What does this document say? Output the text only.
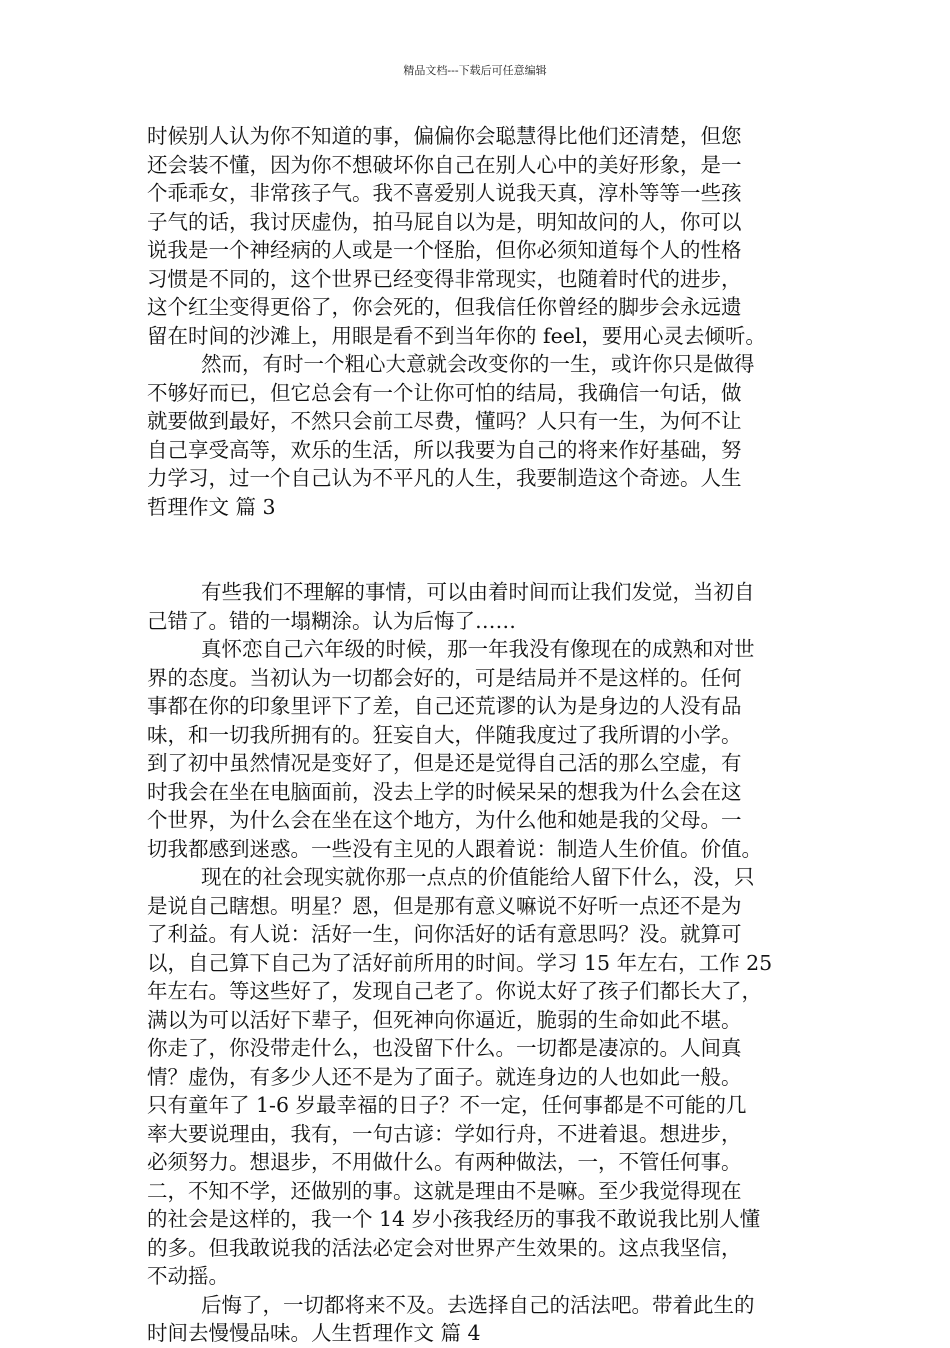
精品文档---下载后可任意编辑
时候别人认为你不知道的事，偏偏你会聪慧得比他们还清楚，但您
还会装不懂，因为你不想破坏你自己在别人心中的美好形象，是一
个乖乖女，非常孩子气。我不喜爱别人说我天真，淳朴等等一些孩
子气的话，我讨厌虚伪，拍马屁自以为是，明知故问的人，你可以
说我是一个神经病的人或是一个怪胎，但你必须知道每个人的性格
习惯是不同的，这个世界已经变得非常现实，也随着时代的进步，
这个红尘变得更俗了，你会死的，但我信任你曾经的脚步会永远遗
留在时间的沙滩上，用眼是看不到当年你的 feel，要用心灵去倾听。
然而，有时一个粗心大意就会改变你的一生，或许你只是做得
不够好而已，但它总会有一个让你可怕的结局，我确信一句话，做
就要做到最好，不然只会前工尽费，懂吗？人只有一生，为何不让
自己享受高等，欢乐的生活，所以我要为自己的将来作好基础，努
力学习，过一个自己认为不平凡的人生，我要制造这个奇迹。人生
哲理作文 篇 3
有些我们不理解的事情，可以由着时间而让我们发觉，当初自
己错了。错的一塌糊涂。认为后悔了……
真怀恋自己六年级的时候，那一年我没有像现在的成熟和对世
界的态度。当初认为一切都会好的，可是结局并不是这样的。任何
事都在你的印象里评下了差，自己还荒谬的认为是身边的人没有品
味，和一切我所拥有的。狂妄自大，伴随我度过了我所谓的小学。
到了初中虽然情况是变好了，但是还是觉得自己活的那么空虚，有
时我会在坐在电脑面前，没去上学的时候呆呆的想我为什么会在这
个世界，为什么会在坐在这个地方，为什么他和她是我的父母。一
切我都感到迷惑。一些没有主见的人跟着说：制造人生价值。价值。
现在的社会现实就你那一点点的价值能给人留下什么，没，只
是说自己瞎想。明星？恩，但是那有意义嘛说不好听一点还不是为
了利益。有人说：活好一生，问你活好的话有意思吗？没。就算可
以，自己算下自己为了活好前所用的时间。学习 15 年左右，工作 25
年左右。等这些好了，发现自己老了。你说太好了孩子们都长大了，
满以为可以活好下辈子，但死神向你逼近，脆弱的生命如此不堪。
你走了，你没带走什么，也没留下什么。一切都是凄凉的。人间真
情？虚伪，有多少人还不是为了面子。就连身边的人也如此一般。
只有童年了 1-6 岁最幸福的日子？不一定，任何事都是不可能的几
率大要说理由，我有，一句古谚：学如行舟，不进着退。想进步，
必须努力。想退步，不用做什么。有两种做法，一，不管任何事。
二，不知不学，还做别的事。这就是理由不是嘛。至少我觉得现在
的社会是这样的，我一个 14 岁小孩我经历的事我不敢说我比别人懂
的多。但我敢说我的活法必定会对世界产生效果的。这点我坚信，
不动摇。
后悔了，一切都将来不及。去选择自己的活法吧。带着此生的
时间去慢慢品味。人生哲理作文 篇 4
